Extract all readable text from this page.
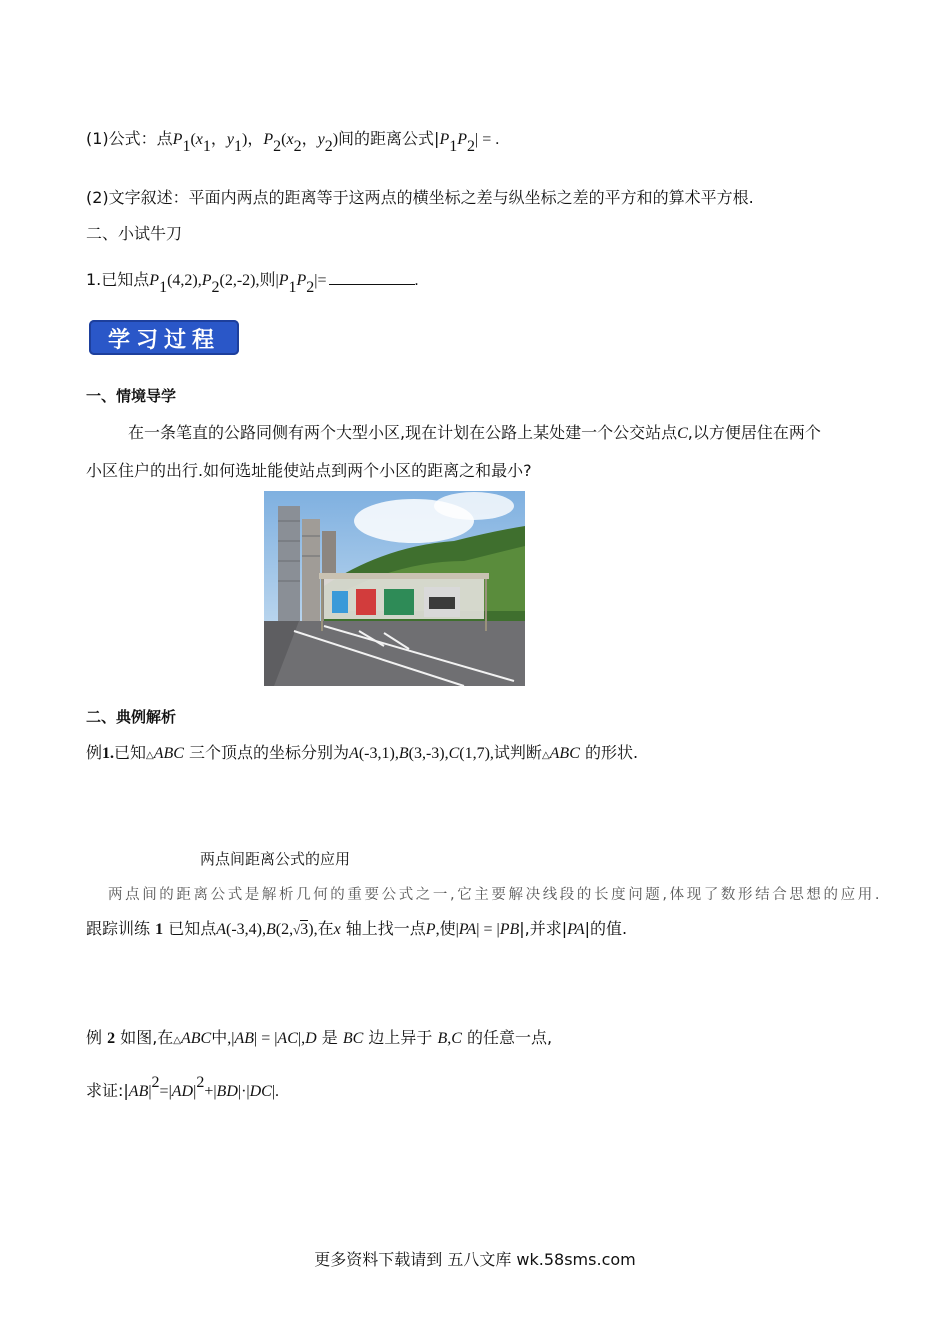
(1)公式：点$P_1(x_1$，$y_1$)，$P_2(x_2$，$y_2$)间的距离公式$|P_1P_2|$ = .
(2)文字叙述：平面内两点的距离等于这两点的横坐标之差与纵坐标之差的平方和的算术平方根.
二、小试牛刀
1.已知点$P_1(4,2),P_2(2,-2)$,则$|P_1P_2|=$	.
学习过程
一、情境导学
在一条笔直的公路同侧有两个大型小区,现在计划在公路上某处建一个公交站点C,以方便居住在两个
小区住户的出行.如何选址能使站点到两个小区的距离之和最小?
二、典例解析
例1.已知△ABC 三个顶点的坐标分别为A(-3,1),B(3,-3),C(1,7),试判断△ABC 的形状.
两点间距离公式的应用
两点间的距离公式是解析几何的重要公式之一,它主要解决线段的长度问题,体现了数形结合思想的应用.
跟踪训练 1 已知点A(-3,4),B(2,√3),在x 轴上找一点P,使|PA| = |PB|,并求|PA|的值.
例 2 如图,在△ABC中,|AB| = |AC|,D 是 BC 边上异于 B,C 的任意一点,
求证$:|AB|^2=|AD|^2+|BD|\cdot|DC|$.
更多资料下载请到 五八文库 wk.58sms.com
